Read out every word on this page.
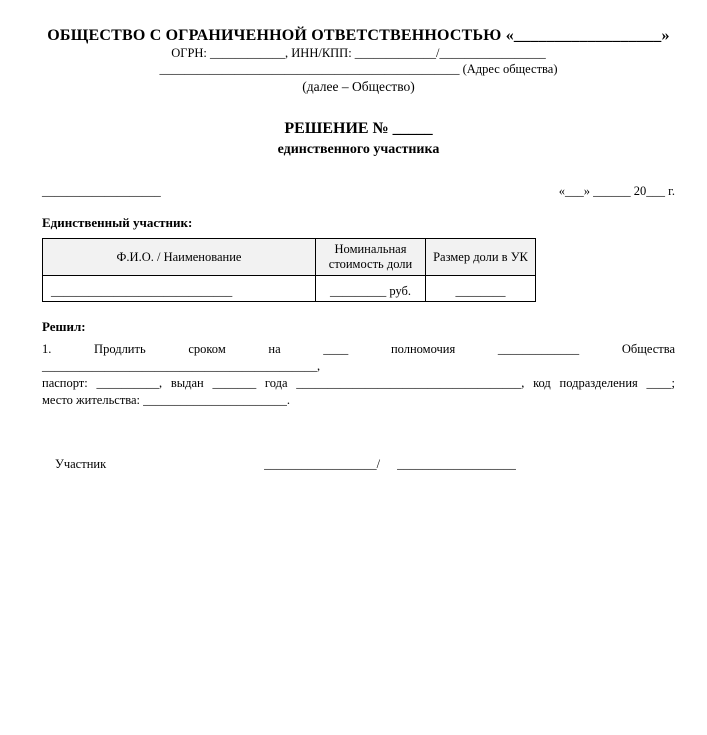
ОБЩЕСТВО С ОГРАНИЧЕННОЙ ОТВЕТСТВЕННОСТЬЮ «__________________»
ОГРН: ____________, ИНН/КПП: _____________/_________________
________________________________________________ (Адрес общества)
(далее – Общество)
РЕШЕНИЕ № _____
единственного участника
___________________	«___» ______ 20___ г.
Единственный участник:
Ф.И.О. / Наименование	Номинальная стоимость доли	Размер доли в УК
_____________________________	_________ руб.	________
Решил:
1. Продлить сроком на ____ полномочия _____________ Общества ____________________________________________,
паспорт: __________, выдан _______ года ____________________________________, код подразделения ____;
место жительства: _______________________.
Участник	__________________/ ___________________
